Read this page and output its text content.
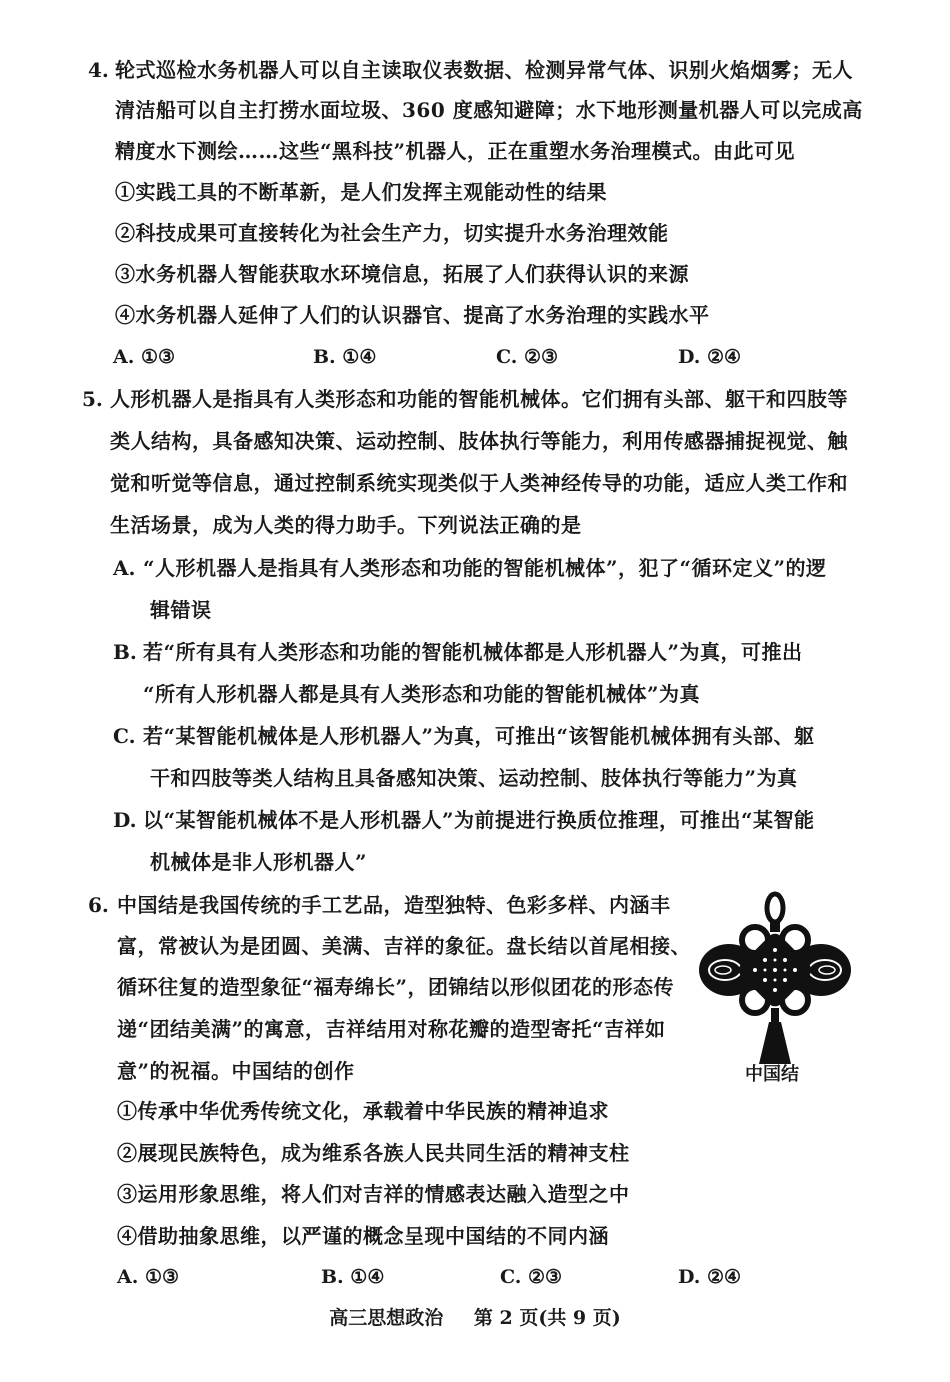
4. 轮式巡检水务机器人可以自主读取仪表数据、检测异常气体、识别火焰烟雾；无人
清洁船可以自主打捞水面垃圾、360 度感知避障；水下地形测量机器人可以完成高
精度水下测绘……这些“黑科技”机器人，正在重塑水务治理模式。由此可见
①实践工具的不断革新，是人们发挥主观能动性的结果
②科技成果可直接转化为社会生产力，切实提升水务治理效能
③水务机器人智能获取水环境信息，拓展了人们获得认识的来源
④水务机器人延伸了人们的认识器官、提高了水务治理的实践水平
A. ①③	B. ①④	C. ②③	D. ②④
5. 人形机器人是指具有人类形态和功能的智能机械体。它们拥有头部、躯干和四肢等
类人结构，具备感知决策、运动控制、肢体执行等能力，利用传感器捕捉视觉、触
觉和听觉等信息，通过控制系统实现类似于人类神经传导的功能，适应人类工作和
生活场景，成为人类的得力助手。下列说法正确的是
A. “人形机器人是指具有人类形态和功能的智能机械体”，犯了“循环定义”的逻
辑错误
B. 若“所有具有人类形态和功能的智能机械体都是人形机器人”为真，可推出
“所有人形机器人都是具有人类形态和功能的智能机械体”为真
C. 若“某智能机械体是人形机器人”为真，可推出“该智能机械体拥有头部、躯
干和四肢等类人结构且具备感知决策、运动控制、肢体执行等能力”为真
D. 以“某智能机械体不是人形机器人”为前提进行换质位推理，可推出“某智能
机械体是非人形机器人”
6. 中国结是我国传统的手工艺品，造型独特、色彩多样、内涵丰
富，常被认为是团圆、美满、吉祥的象征。盘长结以首尾相接、
循环往复的造型象征“福寿绵长”，团锦结以形似团花的形态传
递“团结美满”的寓意，吉祥结用对称花瓣的造型寄托“吉祥如
意”的祝福。中国结的创作	中国结
①传承中华优秀传统文化，承载着中华民族的精神追求
②展现民族特色，成为维系各族人民共同生活的精神支柱
③运用形象思维，将人们对吉祥的情感表达融入造型之中
④借助抽象思维，以严谨的概念呈现中国结的不同内涵
A. ①③	B. ①④	C. ②③	D. ②④
高三思想政治 第 2 页(共 9 页)
